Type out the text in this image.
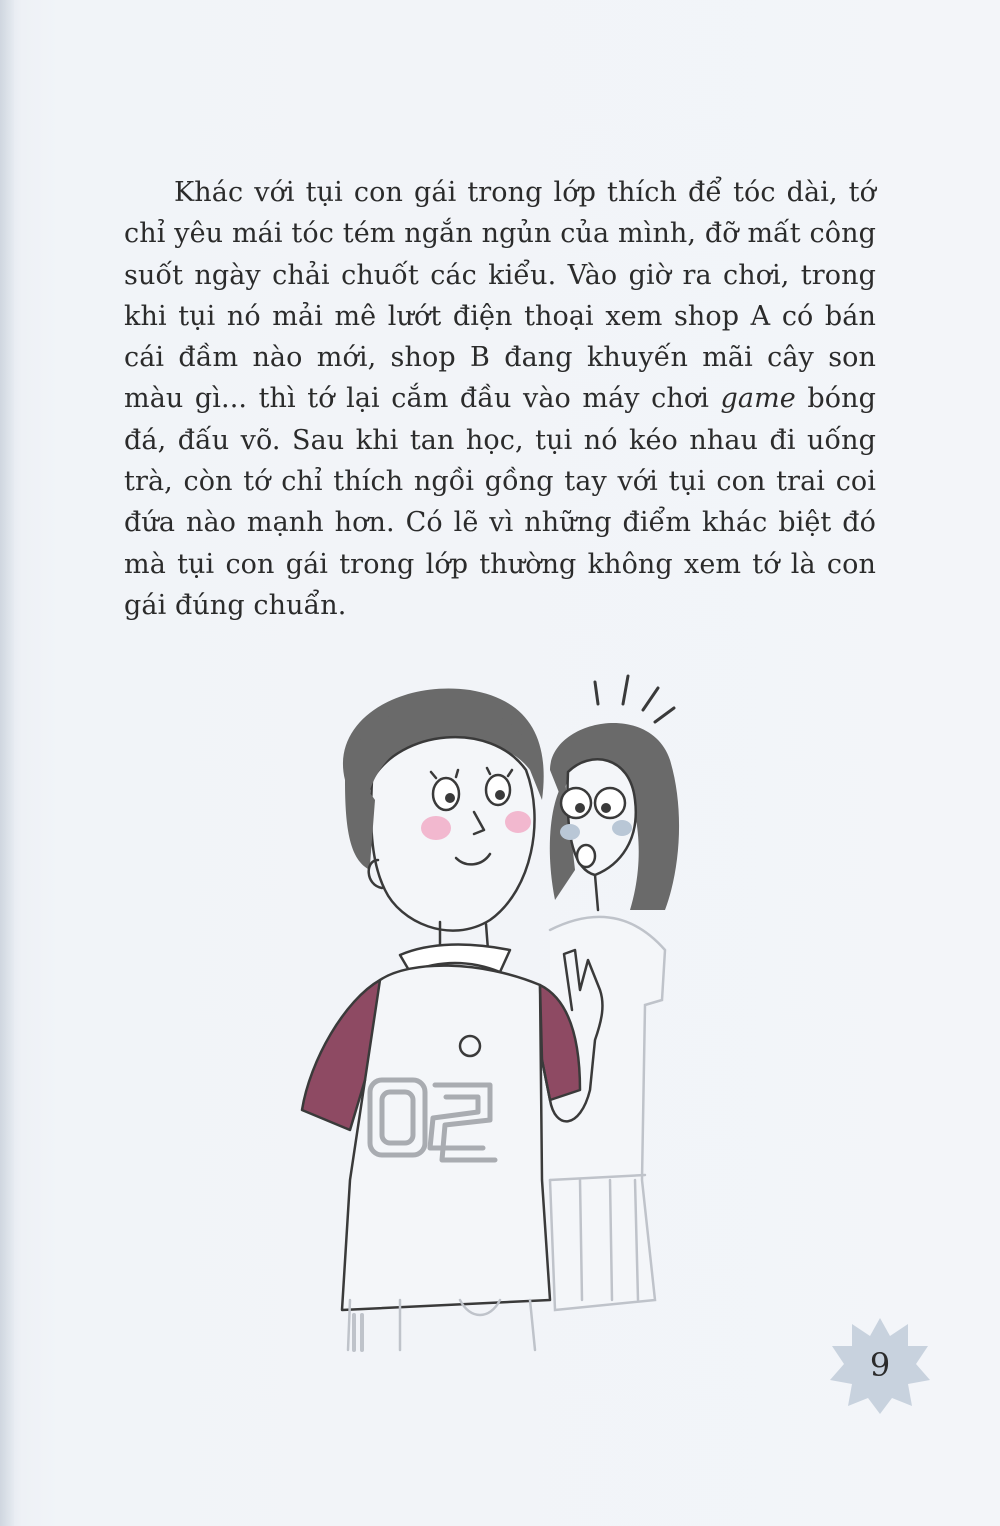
Khác với tụi con gái trong lớp thích để tóc dài, tớ chỉ yêu mái tóc tém ngắn ngủn của mình, đỡ mất công suốt ngày chải chuốt các kiểu. Vào giờ ra chơi, trong khi tụi nó mải mê lướt điện thoại xem shop A có bán cái đầm nào mới, shop B đang khuyến mãi cây son màu gì... thì tớ lại cắm đầu vào máy chơi game bóng đá, đấu võ. Sau khi tan học, tụi nó kéo nhau đi uống trà, còn tớ chỉ thích ngồi gồng tay với tụi con trai coi đứa nào mạnh hơn. Có lẽ vì những điểm khác biệt đó mà tụi con gái trong lớp thường không xem tớ là con gái đúng chuẩn.

9
